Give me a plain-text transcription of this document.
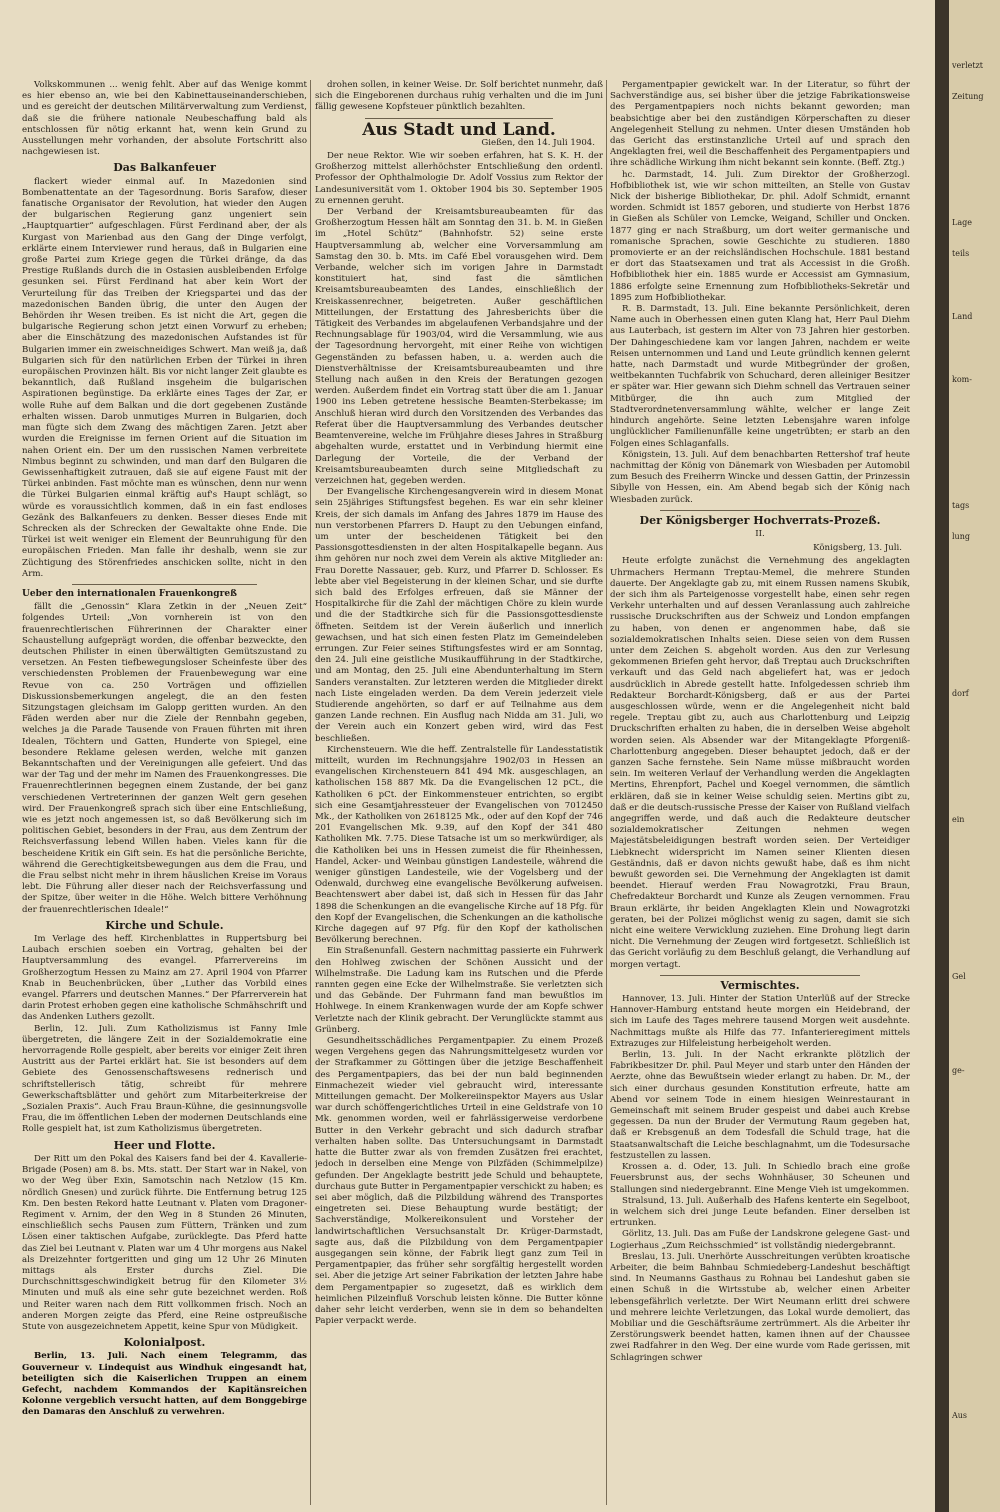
Volkskommunen ... wenig fehlt. Aber auf das Wenige kommt es hier ebenso an, wie bei den Kabinettauseinanderschieben, und es gereicht der deutschen Militärverwaltung zum Verdienst, daß sie die frühere nationale Neubeschaffung bald als entschlossen für nötig erkannt hat, wenn kein Grund zu Ausstellungen mehr vorhanden, der absolute Fortschritt also nachgewiesen ist.

Das Balkanfeuer

flackert wieder einmal auf. In Mazedonien sind Bombenattentate an der Tagesordnung. Boris Sarafow, dieser fanatische Organisator der Revolution, hat wieder den Augen der bulgarischen Regierung ganz ungeniert sein „Hauptquartier“ aufgeschlagen. Fürst Ferdinand aber, der als Kurgast von Marienbad aus den Gang der Dinge verfolgt, erklärte einem Interviewer rund heraus, daß in Bulgarien eine große Partei zum Kriege gegen die Türkei dränge, da das Prestige Rußlands durch die in Ostasien ausbleibenden Erfolge gesunken sei. Fürst Ferdinand hat aber kein Wort der Verurteilung für das Treiben der Kriegspartei und das der mazedonischen Banden übrig, die unter den Augen der Behörden ihr Wesen treiben. Es ist nicht die Art, gegen die bulgarische Regierung schon jetzt einen Vorwurf zu erheben; aber die Einschätzung des mazedonischen Aufstandes ist für Bulgarien immer ein zweischneidiges Schwert. Man weiß ja, daß Bulgarien sich für den natürlichen Erben der Türkei in ihren europäischen Provinzen hält. Bis vor nicht langer Zeit glaubte es bekanntlich, daß Rußland insgeheim die bulgarischen Aspirationen begünstige. Da erklärte eines Tages der Zar, er wolle Ruhe auf dem Balkan und die dort gegebenen Zustände erhalten wissen. Darob unmutiges Murren in Bulgarien, doch man fügte sich dem Zwang des mächtigen Zaren. Jetzt aber wurden die Ereignisse im fernen Orient auf die Situation im nahen Orient ein. Der um den russischen Namen verbreitete Nimbus beginnt zu schwinden, und man darf den Bulgaren die Gewissenhaftigkeit zutrauen, daß sie auf eigene Faust mit der Türkei anbinden. Fast möchte man es wünschen, denn nur wenn die Türkei Bulgarien einmal kräftig auf's Haupt schlägt, so würde es voraussichtlich kommen, daß in ein fast endloses Gezänk des Balkanfeuers zu denken. Besser dieses Ende mit Schrecken als der Schrecken der Gewaltakte ohne Ende. Die Türkei ist weit weniger ein Element der Beunruhigung für den europäischen Frieden. Man falle ihr deshalb, wenn sie zur Züchtigung des Störenfriedes anschicken sollte, nicht in den Arm.

Ueber den internationalen Frauenkongreß

fällt die „Genossin“ Klara Zetkin in der „Neuen Zeit“ folgendes Urteil: „Von vornherein ist von den frauenrechtlerischen Führerinnen der Charakter einer Schaustellung aufgeprägt worden, die offenbar bezweckte, den deutschen Philister in einen überwältigten Gemütszustand zu versetzen. An Festen tiefbewegungsloser Scheinfeste über des verschiedensten Problemen der Frauenbewegung war eine Revue von ca. 250 Vorträgen und offiziellen Diskussionsbemerkungen angelegt, die an den festen Sitzungstagen gleichsam im Galopp geritten wurden. An den Fäden werden aber nur die Ziele der Rennbahn gegeben, welches ja die Parade Tausende von Frauen führten mit ihren Idealen, Töchtern und Gatten, Hunderte von Spiegel, eine besondere Reklame gelesen werden, welche mit ganzen Bekanntschaften und der Vereinigungen alle gefeiert. Und das war der Tag und der mehr im Namen des Frauenkongresses. Die Frauenrechtlerinnen begegnen einem Zustande, der bei ganz verschiedenen Vertreterinnen der ganzen Welt gern gesehen wird. Der Frauenkongreß sprach sich über eine Entschließung, wie es jetzt noch angemessen ist, so daß Bevölkerung sich im politischen Gebiet, besonders in der Frau, aus dem Zentrum der Reichsverfassung lebend Willen haben. Vieles kann für die bescheidene Kritik ein Gift sein. Es hat die persönliche Berichte, während die Gerechtigkeitsbewegungen aus dem die Frau, und die Frau selbst nicht mehr in ihrem häuslichen Kreise im Voraus lebt. Die Führung aller dieser nach der Reichsverfassung und der Spitze, über weiter in die Höhe. Welch bittere Verhöhnung der frauenrechtlerischen Ideale!“

Kirche und Schule.

Im Verlage des heff. Kirchenblattes in Ruppertsburg bei Laubach erschien soeben ein Vortrag, gehalten bei der Hauptversammlung des evangel. Pfarrervereins im Großherzogtum Hessen zu Mainz am 27. April 1904 von Pfarrer Knab in Beuchenbrücken, über „Luther das Vorbild eines evangel. Pfarrers und deutschen Mannes.“ Der Pfarrerverein hat darin Protest erhoben gegen eine katholische Schmähschrift und das Andenken Luthers gezollt.

Berlin, 12. Juli. Zum Katholizismus ist Fanny Imle übergetreten, die längere Zeit in der Sozialdemokratie eine hervorragende Rolle gespielt, aber bereits vor einiger Zeit ihren Austritt aus der Partei erklärt hat. Sie ist besonders auf dem Gebiete des Genossenschaftswesens rednerisch und schriftstellerisch tätig, schreibt für mehrere Gewerkschaftsblätter und gehört zum Mitarbeiterkreise der „Sozialen Praxis“. Auch Frau Braun-Kühne, die gesinnungsvolle Frau, die im öffentlichen Leben der modernen Deutschlands eine Rolle gespielt hat, ist zum Katholizismus übergetreten.

Heer und Flotte.

Der Ritt um den Pokal des Kaisers fand bei der 4. Kavallerie-Brigade (Posen) am 8. bs. Mts. statt. Der Start war in Nakel, von wo der Weg über Exin, Samotschin nach Netzlow (15 Km. nördlich Gnesen) und zurück führte. Die Entfernung betrug 125 Km. Den besten Rekord hatte Leutnant v. Platen vom Dragoner-Regiment v. Arnim, der den Weg in 8 Stunden 26 Minuten, einschließlich sechs Pausen zum Füttern, Tränken und zum Lösen einer taktischen Aufgabe, zurücklegte. Das Pferd hatte das Ziel bei Leutnant v. Platen war um 4 Uhr morgens aus Nakel als Dreizehnter fortgeritten und ging um 12 Uhr 26 Minuten mittags als Erster durchs Ziel. Die Durchschnittsgeschwindigkeit betrug für den Kilometer 3½ Minuten und muß als eine sehr gute bezeichnet werden. Roß und Reiter waren nach dem Ritt vollkommen frisch. Noch an anderen Morgen zeigte das Pferd, eine Reine ostpreußische Stute von ausgezeichnetem Appetit, keine Spur von Müdigkeit.

Kolonialpost.

Berlin, 13. Juli. Nach einem Telegramm, das Gouverneur v. Lindequist aus Windhuk eingesandt hat, beteiligten sich die Kaiserlichen Truppen an einem Gefecht, nachdem Kommandos der Kapitänsreichen Kolonne vergeblich versucht hatten, auf dem Bonggebirge den Damaras den Anschluß zu verwehren.

drohen sollen, in keiner Weise. Dr. Solf berichtet nunmehr, daß sich die Eingeborenen durchaus ruhig verhalten und die im Juni fällig gewesene Kopfsteuer pünktlich bezahlten.

Aus Stadt und Land.
Gießen, den 14. Juli 1904.

Der neue Rektor. Wie wir soeben erfahren, hat S. K. H. der Großherzog mittelst allerhöchster Entschließung den ordentl. Professor der Ophthalmologie Dr. Adolf Vossius zum Rektor der Landesuniversität vom 1. Oktober 1904 bis 30. September 1905 zu ernennen geruht.

Der Verband der Kreisamtsbureaubeamten für das Großherzogtum Hessen hält am Sonntag den 31. b. M. in Gießen im „Hotel Schütz“ (Bahnhofstr. 52) seine erste Hauptversammlung ab, welcher eine Vorversammlung am Samstag den 30. b. Mts. im Café Ebel vorausgehen wird. Dem Verbande, welcher sich im vorigen Jahre in Darmstadt konstituiert hat, sind fast die sämtlichen Kreisamtsbureaubeamten des Landes, einschließlich der Kreiskassenrechner, beigetreten. Außer geschäftlichen Mitteilungen, der Erstattung des Jahresberichts über die Tätigkeit des Verbandes im abgelaufenen Verbandsjahre und der Rechnungsablage für 1903/04, wird die Versammlung, wie aus der Tagesordnung hervorgeht, mit einer Reihe von wichtigen Gegenständen zu befassen haben, u. a. werden auch die Dienstverhältnisse der Kreisamtsbureaubeamten und ihre Stellung nach außen in den Kreis der Beratungen gezogen werden. Außerdem findet ein Vortrag statt über die am 1. Januar 1900 ins Leben getretene hessische Beamten-Sterbekasse; im Anschluß hieran wird durch den Vorsitzenden des Verbandes das Referat über die Hauptversammlung des Verbandes deutscher Beamtenvereine, welche im Frühjahre dieses Jahres in Straßburg abgehalten wurde, erstattet und in Verbindung hiermit eine Darlegung der Vorteile, die der Verband der Kreisamtsbureaubeamten durch seine Mitgliedschaft zu verzeichnen hat, gegeben werden.

Der Evangelische Kirchengesangverein wird in diesem Monat sein 25jähriges Stiftungsfest begehen. Es war ein sehr kleiner Kreis, der sich damals im Anfang des Jahres 1879 im Hause des nun verstorbenen Pfarrers D. Haupt zu den Uebungen einfand, um unter der bescheidenen Tätigkeit bei den Passionsgottesdiensten in der alten Hospitalkapelle begann. Aus ihm gehören nur noch zwei dem Verein als aktive Mitglieder an: Frau Dorette Nassauer, geb. Kurz, und Pfarrer D. Schlosser. Es lebte aber viel Begeisterung in der kleinen Schar, und sie durfte sich bald des Erfolges erfreuen, daß sie Männer der Hospitalkirche für die Zahl der mächtigen Chöre zu klein wurde und die der Stadtkirche sich für die Passionsgottesdienste öffneten. Seitdem ist der Verein äußerlich und innerlich gewachsen, und hat sich einen festen Platz im Gemeindeleben errungen. Zur Feier seines Stiftungsfestes wird er am Sonntag, den 24. Juli eine geistliche Musikaufführung in der Stadtkirche, und am Montag, den 25. Juli eine Abendunterhaltung im Stern Sanders veranstalten. Zur letzteren werden die Mitglieder direkt nach Liste eingeladen werden. Da dem Verein jederzeit viele Studierende angehörten, so darf er auf Teilnahme aus dem ganzen Lande rechnen. Ein Ausflug nach Nidda am 31. Juli, wo der Verein auch ein Konzert geben wird, wird das Fest beschließen.

Kirchensteuern. Wie die heff. Zentralstelle für Landesstatistik mitteilt, wurden im Rechnungsjahre 1902/03 in Hessen an evangelischen Kirchensteuern 841 494 Mk. ausgeschlagen, an katholischen 158 887 Mk. Da die Evangelischen 12 pCt., die Katholiken 6 pCt. der Einkommensteuer entrichten, so ergibt sich eine Gesamtjahressteuer der Evangelischen von 7012450 Mk., der Katholiken von 2618125 Mk., oder auf den Kopf der 746 201 Evangelischen Mk. 9.39, auf den Kopf der 341 480 Katholiken Mk. 7.75. Diese Tatsache ist um so merkwürdiger, als die Katholiken bei uns in Hessen zumeist die für Rheinhessen, Handel, Acker- und Weinbau günstigen Landesteile, während die weniger günstigen Landesteile, wie der Vogelsberg und der Odenwald, durchweg eine evangelische Bevölkerung aufweisen. Beachtenswert aber dabei ist, daß sich in Hessen für das Jahr 1898 die Schenkungen an die evangelische Kirche auf 18 Pfg. für den Kopf der Evangelischen, die Schenkungen an die katholische Kirche dagegen auf 97 Pfg. für den Kopf der katholischen Bevölkerung berechnen.

Ein Straßenunfall. Gestern nachmittag passierte ein Fuhrwerk den Hohlweg zwischen der Schönen Aussicht und der Wilhelmstraße. Die Ladung kam ins Rutschen und die Pferde rannten gegen eine Ecke der Wilhelmstraße. Sie verletzten sich und das Gebände. Der Fuhrmann fand man bewußtlos im Hohlwege. In einem Krankenwagen wurde der am Kopfe schwer Verletzte nach der Klinik gebracht. Der Verunglückte stammt aus Grünberg.

Gesundheitsschädliches Pergamentpapier. Zu einem Prozeß wegen Vergehens gegen das Nahrungsmittelgesetz wurden vor der Strafkammer zu Göttingen über die jetzige Beschaffenheit des Pergamentpapiers, das bei der nun bald beginnenden Einmachezeit wieder viel gebraucht wird, interessante Mitteilungen gemacht. Der Molkereiinspektor Mayers aus Uslar war durch schöffengerichtliches Urteil in eine Geldstrafe von 10 Mk. genommen worden, weil er fahrlässigerweise verdorbene Butter in den Verkehr gebracht und sich dadurch strafbar verhalten haben sollte. Das Untersuchungsamt in Darmstadt hatte die Butter zwar als von fremden Zusätzen frei erachtet, jedoch in derselben eine Menge von Pilzfäden (Schimmelpilze) gefunden. Der Angeklagte bestritt jede Schuld und behauptete, durchaus gute Butter in Pergamentpapier verschickt zu haben; es sei aber möglich, daß die Pilzbildung während des Transportes eingetreten sei. Diese Behauptung wurde bestätigt; der Sachverständige, Molkereikonsulent und Vorsteher der landwirtschaftlichen Versuchsanstalt Dr. Krüger-Darmstadt, sagte aus, daß die Pilzbildung von dem Pergamentpapier ausgegangen sein könne, der Fabrik liegt ganz zum Teil in Pergamentpapier, das früher sehr sorgfältig hergestellt worden sei. Aber die jetzige Art seiner Fabrikation der letzten Jahre habe dem Pergamentpapier so zugesetzt, daß es wirklich dem heimlichen Pilzeinfluß Vorschub leisten könne. Die Butter könne daher sehr leicht verderben, wenn sie in dem so behandelten Papier verpackt werde.

Pergamentpapier gewickelt war. In der Literatur, so führt der Sachverständige aus, sei bisher über die jetzige Fabrikationsweise des Pergamentpapiers noch nichts bekannt geworden; man beabsichtige aber bei den zuständigen Körperschaften zu dieser Angelegenheit Stellung zu nehmen. Unter diesen Umständen hob das Gericht das erstinstanzliche Urteil auf und sprach den Angeklagten frei, weil die Beschaffenheit des Pergamentpapiers und ihre schädliche Wirkung ihm nicht bekannt sein konnte. (Beff. Ztg.)

hc. Darmstadt, 14. Juli. Zum Direktor der Großherzogl. Hofbibliothek ist, wie wir schon mitteilten, an Stelle von Gustav Nick der bisherige Bibliothekar, Dr. phil. Adolf Schmidt, ernannt worden. Schmidt ist 1857 geboren, und studierte von Herbst 1876 in Gießen als Schüler von Lemcke, Weigand, Schiller und Oncken. 1877 ging er nach Straßburg, um dort weiter germanische und romanische Sprachen, sowie Geschichte zu studieren. 1880 promovierte er an der reichsländischen Hochschule. 1881 bestand er dort das Staatsexamen und trat als Accessist in die Großh. Hofbibliothek hier ein. 1885 wurde er Accessist am Gymnasium, 1886 erfolgte seine Ernennung zum Hofbibliotheks-Sekretär und 1895 zum Hofbibliothekar.

R. B. Darmstadt, 13. Juli. Eine bekannte Persönlichkeit, deren Name auch in Oberhessen einen guten Klang hat, Herr Paul Diehm aus Lauterbach, ist gestern im Alter von 73 Jahren hier gestorben. Der Dahingeschiedene kam vor langen Jahren, nachdem er weite Reisen unternommen und Land und Leute gründlich kennen gelernt hatte, nach Darmstadt und wurde Mitbegründer der großen, weitbekannten Tuchfabrik von Schuchard, deren alleiniger Besitzer er später war. Hier gewann sich Diehm schnell das Vertrauen seiner Mitbürger, die ihn auch zum Mitglied der Stadtverordnetenversammlung wählte, welcher er lange Zeit hindurch angehörte. Seine letzten Lebensjahre waren infolge unglücklicher Familienunfälle keine ungetrübten; er starb an den Folgen eines Schlaganfalls.

Königstein, 13. Juli. Auf dem benachbarten Rettershof traf heute nachmittag der König von Dänemark von Wiesbaden per Automobil zum Besuch des Freiherrn Wincke und dessen Gattin, der Prinzessin Sibylle von Hessen, ein. Am Abend begab sich der König nach Wiesbaden zurück.

Der Königsberger Hochverrats-Prozeß.
II.
Königsberg, 13. Juli.

Heute erfolgte zunächst die Vernehmung des angeklagten Uhrmachers Hermann Treptau-Memel, die mehrere Stunden dauerte. Der Angeklagte gab zu, mit einem Russen namens Skubik, der sich ihm als Parteigenosse vorgestellt habe, einen sehr regen Verkehr unterhalten und auf dessen Veranlassung auch zahlreiche russische Druckschriften aus der Schweiz und London empfangen zu haben, von denen er angenommen habe, daß sie sozialdemokratischen Inhalts seien. Diese seien von dem Russen unter dem Zeichen S. abgeholt worden. Aus den zur Verlesung gekommenen Briefen geht hervor, daß Treptau auch Druckschriften verkauft und das Geld nach abgeliefert hat, was er jedoch ausdrücklich in Abrede gestellt hatte. Infolgedessen schrieb ihm Redakteur Borchardt-Königsberg, daß er aus der Partei ausgeschlossen würde, wenn er die Angelegenheit nicht bald regele. Treptau gibt zu, auch aus Charlottenburg und Leipzig Druckschriften erhalten zu haben, die in derselben Weise abgeholt worden seien. Als Absender war der Mitangeklagte Pforgeniß-Charlottenburg angegeben. Dieser behauptet jedoch, daß er der ganzen Sache fernstehe. Sein Name müsse mißbraucht worden sein. Im weiteren Verlauf der Verhandlung werden die Angeklagten Mertins, Ehrenpfort, Pachel und Koegel vernommen, die sämtlich erklären, daß sie in keiner Weise schuldig seien. Mertins gibt zu, daß er die deutsch-russische Presse der Kaiser von Rußland vielfach angegriffen werde, und daß auch die Redakteure deutscher sozialdemokratischer Zeitungen nehmen wegen Majestätsbeleidigungen bestraft worden seien. Der Verteidiger Liebknecht widerspricht im Namen seiner Klienten diesen Geständnis, daß er davon nichts gewußt habe, daß es ihm nicht bewußt geworden sei. Die Vernehmung der Angeklagten ist damit beendet. Hierauf werden Frau Nowagrotzki, Frau Braun, Chefredakteur Borchardt und Kunze als Zeugen vernommen. Frau Braun erklärte, ihr beiden Angeklagten Klein und Nowagrotzki geraten, bei der Polizei möglichst wenig zu sagen, damit sie sich nicht eine weitere Verwicklung zuziehen. Eine Drohung liegt darin nicht. Die Vernehmung der Zeugen wird fortgesetzt. Schließlich ist das Gericht vorläufig zu dem Beschluß gelangt, die Verhandlung auf morgen vertagt.

Vermischtes.

Hannover, 13. Juli. Hinter der Station Unterlüß auf der Strecke Hannover-Hamburg entstand heute morgen ein Heidebrand, der sich im Laufe des Tages mehrere tausend Morgen weit ausdehnte. Nachmittags mußte als Hilfe das 77. Infanterieregiment mittels Extrazuges zur Hilfeleistung herbeigeholt werden.

Berlin, 13. Juli. In der Nacht erkrankte plötzlich der Fabrikbesitzer Dr. phil. Paul Meyer und starb unter den Händen der Aerzte, ohne das Bewußtsein wieder erlangt zu haben. Dr. M., der sich einer durchaus gesunden Konstitution erfreute, hatte am Abend vor seinem Tode in einem hiesigen Weinrestaurant in Gemeinschaft mit seinem Bruder gespeist und dabei auch Krebse gegessen. Da nun der Bruder der Vermutung Raum gegeben hat, daß er Krebsgenuß an dem Todesfall die Schuld trage, hat die Staatsanwaltschaft die Leiche beschlagnahmt, um die Todesursache festzustellen zu lassen.

Krossen a. d. Oder, 13. Juli. In Schiedlo brach eine große Feuersbrunst aus, der sechs Wohnhäuser, 30 Scheunen und Stallungen sind niedergebrannt. Eine Menge Vieh ist umgekommen.

Stralsund, 13. Juli. Außerhalb des Hafens kenterte ein Segelboot, in welchem sich drei junge Leute befanden. Einer derselben ist ertrunken.

Görlitz, 13. Juli. Das am Fuße der Landskrone gelegene Gast- und Logierhaus „Zum Reichsschmied“ ist vollständig niedergebrannt.

Breslau, 13. Juli. Unerhörte Ausschreitungen verübten kroatische Arbeiter, die beim Bahnbau Schmiedeberg-Landeshut beschäftigt sind. In Neumanns Gasthaus zu Rohnau bei Landeshut gaben sie einen Schuß in die Wirtsstube ab, welcher einen Arbeiter lebensgefährlich verletzte. Der Wirt Neumann erlitt drei schwere und mehrere leichte Verletzungen, das Lokal wurde demoliert, das Mobiliar und die Geschäftsräume zertrümmert. Als die Arbeiter ihr Zerstörungswerk beendet hatten, kamen ihnen auf der Chaussee zwei Radfahrer in den Weg. Der eine wurde vom Rade gerissen, mit Schlagringen schwer

verletzt
Zeitung

Lage
teils

Land

kom-

tags
lung

dorf

ein

Gel

ge-

Aus
